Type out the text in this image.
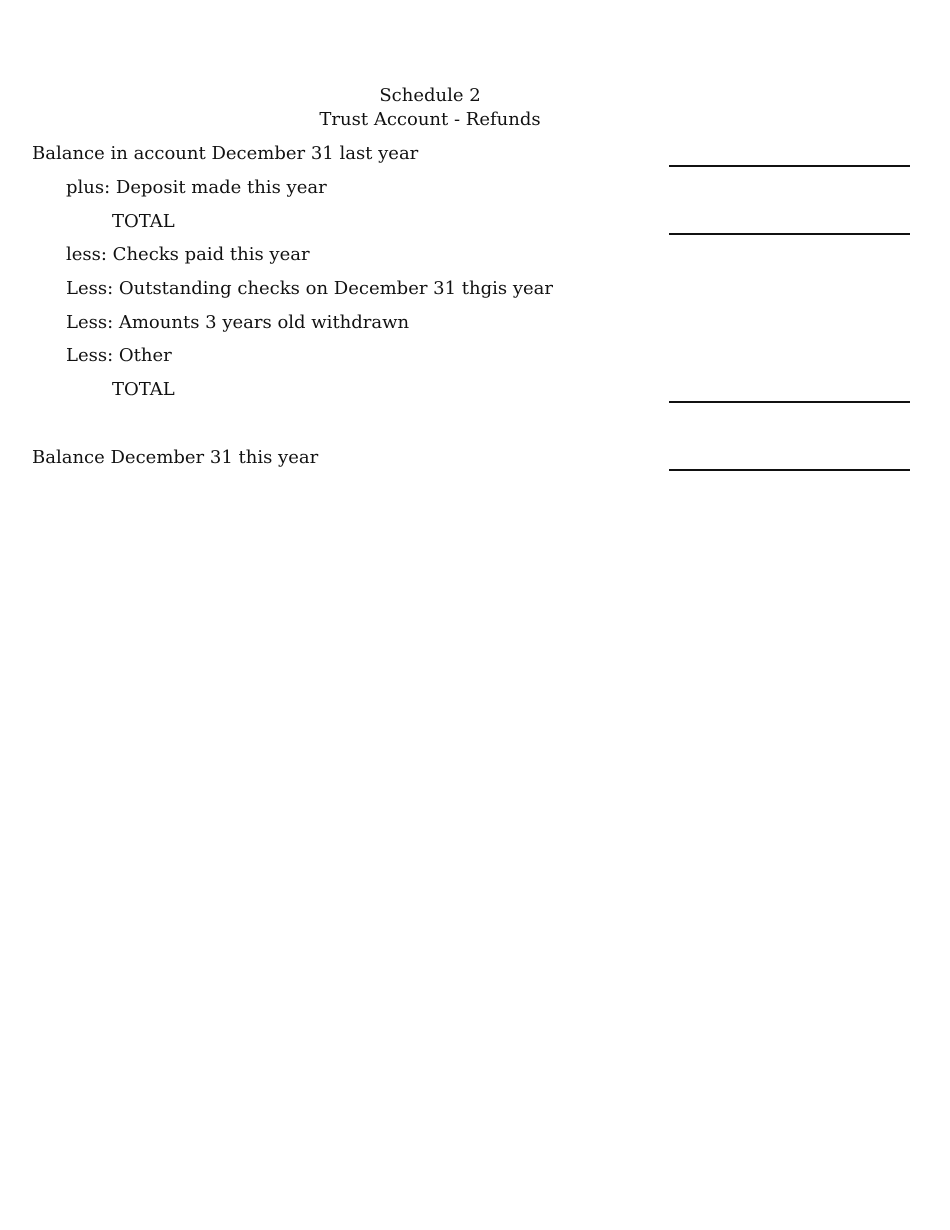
Schedule 2
Trust Account - Refunds
Balance in account December 31 last year
plus: Deposit made this year
TOTAL
less: Checks paid this year
Less: Outstanding checks on December 31 thgis year
Less: Amounts 3 years old withdrawn
Less: Other
TOTAL
Balance December 31 this year
